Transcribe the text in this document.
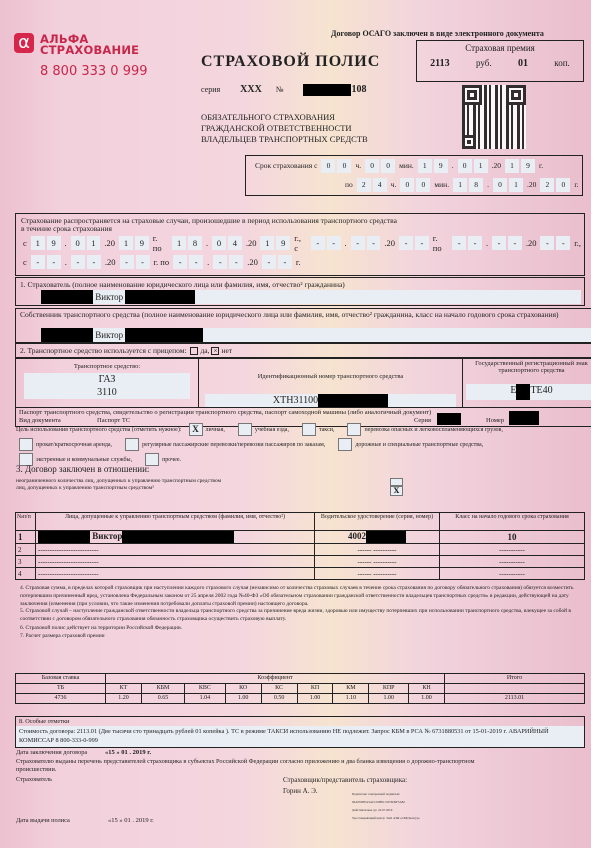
α АЛЬФА
СТРАХОВАНИЕ
8 800 333 0 999
Договор ОСАГО заключен в виде электронного документа
СТРАХОВОЙ ПОЛИС
Страховая премия
2113	руб.	01	коп.
серия XXX №	108
ОБЯЗАТЕЛЬНОГО СТРАХОВАНИЯ
ГРАЖДАНСКОЙ ОТВЕТСТВЕННОСТИ
ВЛАДЕЛЬЦЕВ ТРАНСПОРТНЫХ СРЕДСТВ
Срок страхования с	0	0	ч.	0	0	мин.	1	9	.	0	1	.20	1	9	г.
по	2	4	ч.	0	0	мин.	1	8	.	0	1	.20	2	0	г.
Страхование распространяется на страховые случаи, произошедшие в период использования транспортного средства
в течение срока страхования
с	1	9	.	0	1	.20	1	9	г. по	1	8	.	0	4	.20	1	9	г., с	-	-	.	-	-	.20	-	-	г. по	-	-	.	-	-	.20	-	-	г.,
с	-	-	.	-	-	.20	-	-	г. по	-	-	.	-	-	.20	-	-	г.
1. Страхователь (полное наименование юридического лица или фамилия, имя, отчество² гражданина)
Виктор
Собственник транспортного средства (полное наименование юридического лица или фамилия, имя, отчество² гражданина, класс на начало годового срока страхования)
Виктор
2. Транспортное средство используется с прицепом: да, × нет
Транспортное средство:
ГАЗ
3110

Идентификационный номер транспортного средства
XTH31100

Государственный регистрационный знак транспортного средства
Е ТЕ40

Паспорт транспортного средства, свидетельство о регистрации транспортного средства, паспорт самоходной машины (либо аналогичный документ)
Вид документа	Паспорт ТС	Серия	Номер
Цель использования транспортного средства (отметить нужное): X личная,	учебная езда,	такси,	перевозка опасных и легковоспламеняющихся грузов,
прокат/краткосрочная аренда,	регулярные пассажирские перевозки/перевозки пассажиров по заказам,	дорожные и специальные транспортные средства,
экстренные и коммунальные службы,	прочее.
3. Договор заключен в отношении:
неограниченного количества лиц, допущенных к управлению транспортным средством
лиц, допущенных к управлению транспортным средством³	X
№п/п	Лица, допущенные к управлению транспортным средством (фамилия, имя, отчество²)	Водительское удостоверение (серия, номер)	Класс на начало годового срока страхования
1	Виктор	4002	10
2	--------------------------	------ ----------	-----------
3	--------------------------	------ ----------	-----------
4	--------------------------	------ ----------	-----------
4. Страховая сумма, в пределах которой страховщик при наступлении каждого страхового случая (независимо от количества страховых случаев в течение срока страхования по договору обязательного страхования) обязуется возместить потерпевшим причиненный вред, установлена Федеральным законом от 25 апреля 2002 года №40-ФЗ «Об обязательном страховании гражданской ответственности владельцев транспортных средств» в редакции, действующей на дату заключения (изменения (при условии, что такие изменения потребовали доплаты страховой премии) настоящего договора.
5. Страховой случай – наступление гражданской ответственности владельца транспортного средства за причинение вреда жизни, здоровью или имуществу потерпевших при использовании транспортного средства, влекущее за собой в соответствии с договором обязательного страхования обязанность страховщика осуществить страховую выплату.
6. Страховой полис действует на территории Российской Федерации.
7. Расчет размера страховой премии
Базовая ставка	Коэффициент									Итого
ТБ	КТ	КБМ	КВС	КО	КС	КП	КМ	КПР	КН	
4736	1.20	0.65	1.04	1.00	0.50	1.00	1.10	1.00	1.00	2113.01
8. Особые отметки
Стоимость договора: 2113.01 (Две тысячи сто тринадцать рублей 01 копейка ). ТС в режиме ТАКСИ использованию НЕ подлежит. Запрос КБМ в РСА № 6731880531 от 15-01-2019 г. АВАРИЙНЫЙ КОМИССАР 8 800-333-0-999
Дата заключения договора	«15 » 01 . 2019 г.
Страхователю выданы перечень представителей страховщика в субъектах Российской Федерации согласно приложению и два бланка извещения о дорожно-транспортном происшествии.
Страхователь	Страховщик/представитель страховщика:
Горин А. Э.	Подписано электронной подписью:
00AF60EFA5ACC0088113376D9F5A82
Действительна до: 22.07.2019
Удостоверяющий центр: ЗАО «ПФ «СКБ Контур»
Дата выдачи полиса	«15 » 01 . 2019 г.
